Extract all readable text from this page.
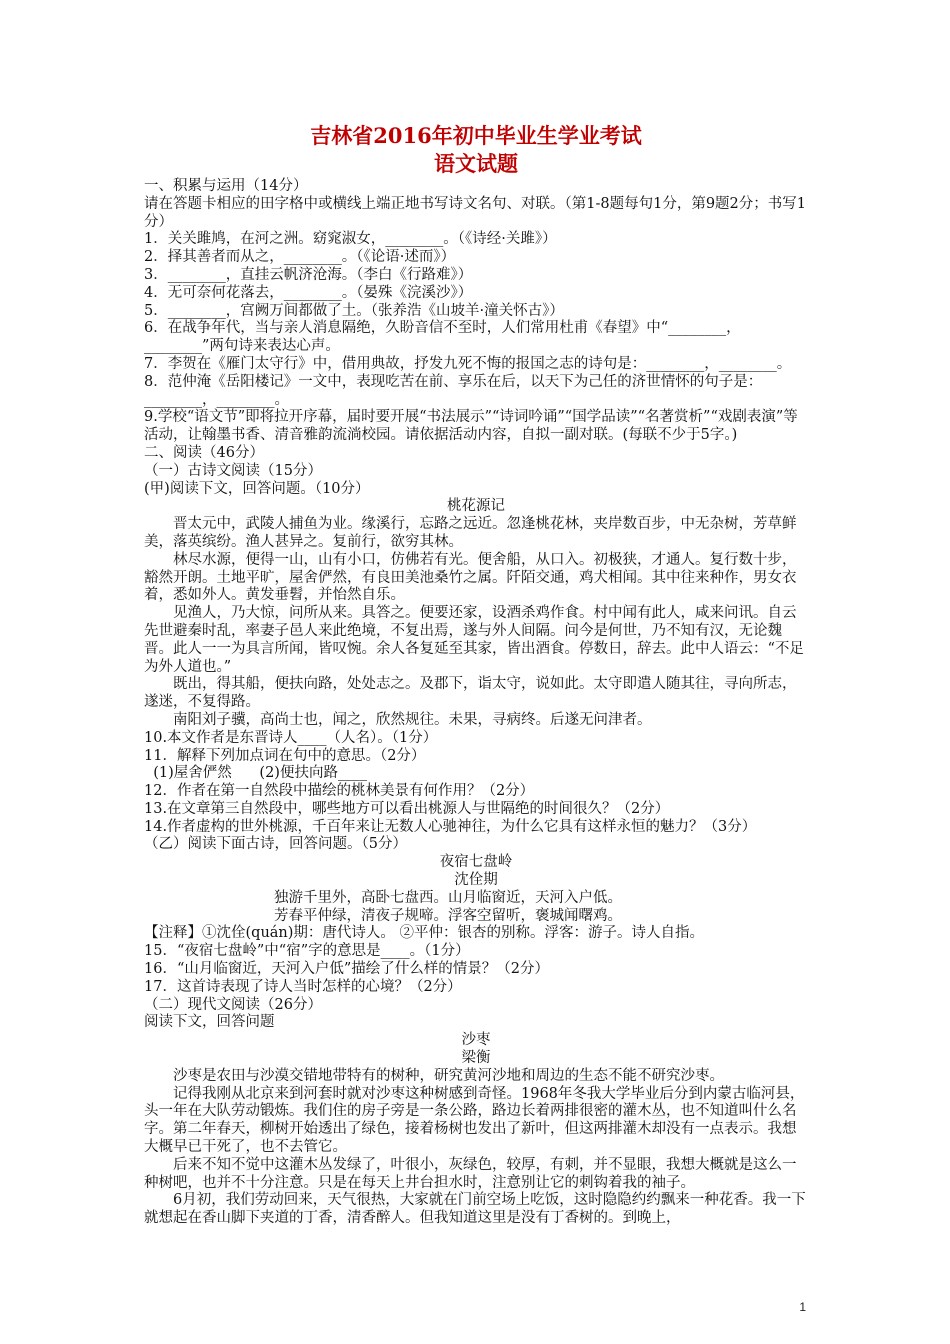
吉林省2016年初中毕业生学业考试
语文试题

一、积累与运用（14分）

请在答题卡相应的田字格中或横线上端正地书写诗文名句、对联。（第1-8题每句1分，第9题2分；书写1分）

1．关关雎鸠，在河之洲。窈窕淑女，________。（《诗经·关雎》）

2．择其善者而从之，________。（《论语·述而》）

3．________，直挂云帆济沧海。（李白《行路难》）

4．无可奈何花落去，________。（晏殊《浣溪沙》）

5．________，宫阙万间都做了土。（张养浩《山坡羊·潼关怀古》）

6．在战争年代，当与亲人消息隔绝，久盼音信不至时，人们常用杜甫《春望》中“________，________”两句诗来表达心声。

7．李贺在《雁门太守行》中，借用典故，抒发九死不悔的报国之志的诗句是：________，________。

8．范仲淹《岳阳楼记》一文中，表现吃苦在前、享乐在后，以天下为己任的济世情怀的句子是：________，________。

9.学校“语文节”即将拉开序幕，届时要开展“书法展示”“诗词吟诵”“国学品读”“名著赏析”“戏剧表演”等活动，让翰墨书香、清音雅韵流淌校园。请依据活动内容，自拟一副对联。(每联不少于5字。)

二、阅读（46分）

（一）古诗文阅读（15分）

(甲)阅读下文，回答问题。（10分）

桃花源记

晋太元中，武陵人捕鱼为业。缘溪行，忘路之远近。忽逢桃花林，夹岸数百步，中无杂树，芳草鲜美，落英缤纷。渔人甚异之。复前行，欲穷其林。

林尽水源，便得一山，山有小口，仿佛若有光。便舍船，从口入。初极狭，才通人。复行数十步，豁然开朗。土地平旷，屋舍俨然，有良田美池桑竹之属。阡陌交通，鸡犬相闻。其中往来种作，男女衣着，悉如外人。黄发垂髫，并怡然自乐。

见渔人，乃大惊，问所从来。具答之。便要还家，设酒杀鸡作食。村中闻有此人，咸来问讯。自云先世避秦时乱，率妻子邑人来此绝境，不复出焉，遂与外人间隔。问今是何世，乃不知有汉，无论魏晋。此人一一为具言所闻，皆叹惋。余人各复延至其家，皆出酒食。停数日，辞去。此中人语云：“不足为外人道也。”

既出，得其船，便扶向路，处处志之。及郡下，诣太守，说如此。太守即遣人随其往，寻向所志，遂迷，不复得路。

南阳刘子骥，高尚士也，闻之，欣然规往。未果，寻病终。后遂无问津者。

10.本文作者是东晋诗人____（人名）。（1分）

11．解释下列加点词在句中的意思。（2分）

(1)屋舍俨然      (2)便扶向路____

12．作者在第一自然段中描绘的桃林美景有何作用？（2分）

13.在文章第三自然段中，哪些地方可以看出桃源人与世隔绝的时间很久？（2分）

14.作者虚构的世外桃源，千百年来让无数人心驰神往，为什么它具有这样永恒的魅力？（3分）

（乙）阅读下面古诗，回答问题。（5分）

夜宿七盘岭

沈佺期

独游千里外，高卧七盘西。山月临窗近，天河入户低。

芳春平仲绿，清夜子规啼。浮客空留听，褒城闻曙鸡。

【注释】①沈佺(quán)期：唐代诗人。 ②平仲：银杏的别称。浮客：游子。诗人自指。

15．“夜宿七盘岭”中“宿”字的意思是____。（1分）

16．“山月临窗近，天河入户低”描绘了什么样的情景？（2分）

17．这首诗表现了诗人当时怎样的心境？（2分）

（二）现代文阅读（26分）

阅读下文，回答问题

沙枣

梁衡

沙枣是农田与沙漠交错地带特有的树种，研究黄河沙地和周边的生态不能不研究沙枣。

记得我刚从北京来到河套时就对沙枣这种树感到奇怪。1968年冬我大学毕业后分到内蒙古临河县，头一年在大队劳动锻炼。我们住的房子旁是一条公路，路边长着两排很密的灌木丛，也不知道叫什么名字。第二年春天，柳树开始透出了绿色，接着杨树也发出了新叶，但这两排灌木却没有一点表示。我想大概早已干死了，也不去管它。

后来不知不觉中这灌木丛发绿了，叶很小，灰绿色，较厚，有刺，并不显眼，我想大概就是这么一种树吧，也并不十分注意。只是在每天上井台担水时，注意别让它的刺钩着我的袖子。

6月初，我们劳动回来，天气很热，大家就在门前空场上吃饭，这时隐隐约约飘来一种花香。我一下就想起在香山脚下夹道的丁香，清香醉人。但我知道这里是没有丁香树的。到晚上，

1
